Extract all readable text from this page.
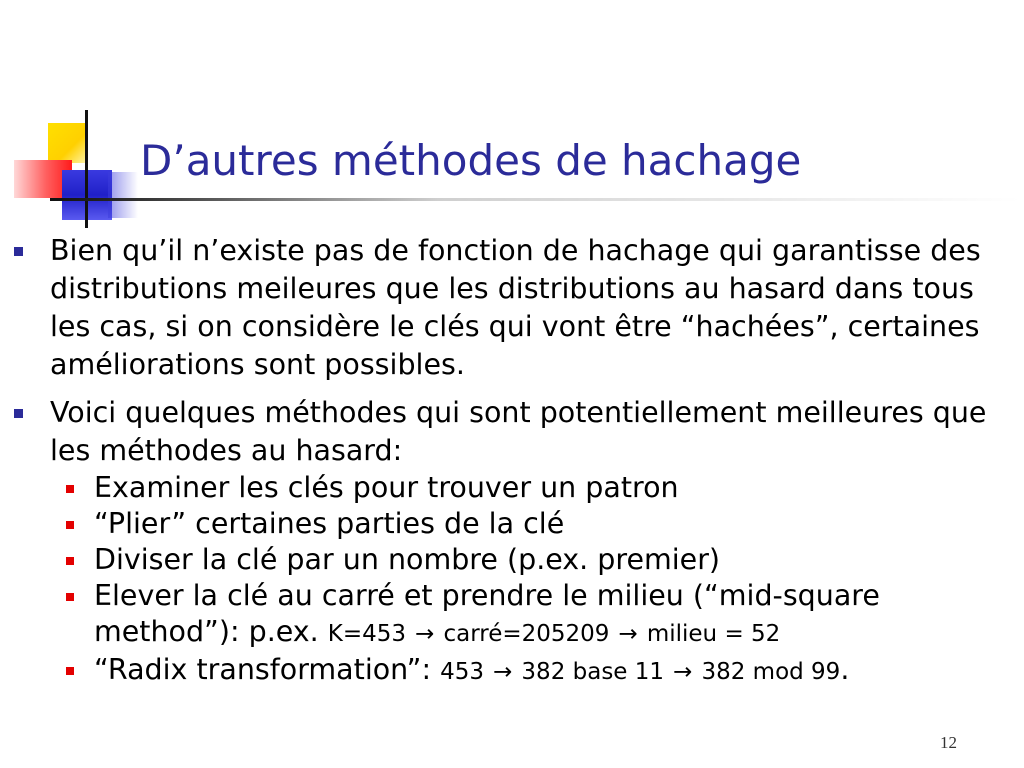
D’autres méthodes de hachage
Bien qu’il n’existe pas de fonction de hachage qui garantisse des distributions meileures que les distributions au hasard dans tous les cas, si on considère le clés qui vont être “hachées”, certaines améliorations sont possibles.
Voici quelques méthodes qui sont potentiellement meilleures que les méthodes au hasard:
Examiner les clés pour trouver un patron
“Plier” certaines parties de la clé
Diviser la clé par un nombre (p.ex. premier)
Elever la clé au carré et prendre le milieu (“mid-square method”): p.ex. K=453 → carré=205209 → milieu = 52
“Radix transformation”: 453 → 382 base 11 → 382 mod 99.
12
